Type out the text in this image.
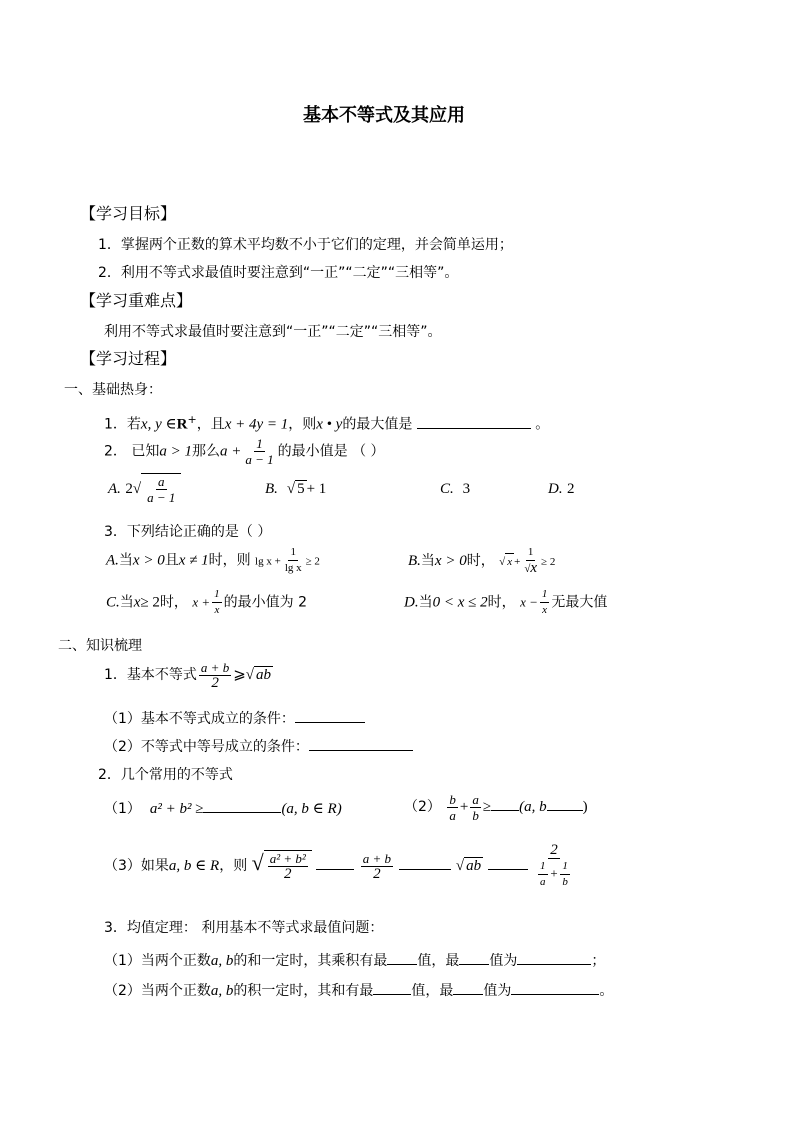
基本不等式及其应用
【学习目标】
1．掌握两个正数的算术平均数不小于它们的定理，并会简单运用；
2．利用不等式求最值时要注意到“一正”“二定”“三相等”。
【学习重难点】
利用不等式求最值时要注意到“一正”“二定”“三相等”。
【学习过程】
一、基础热身：
1．若x, y ∈R+，且x + 4y = 1，则x • y的最大值是	。
2． 已知a > 1那么$a + \frac{1}{a - 1}$ 的最小值是 （ ）
A. $2√ \frac{a}{a - 1}$	B. √ 5 + 1	C. 3	D. 2
3．下列结论正确的是（ ）
A.当x > 0且x ≠ 1时，则 $\lg x + \frac{1}{\text{lg x}} \ge 2$	B.当x > 0时， √ $x + \frac{1}{√x} \ge 2$
C.当x≥ 2时， $x + \frac{1}{x}$ 的最小值为 2	D.当0 < x ≤ 2时， $x - \frac{1}{x}$ 无最大值
二、知识梳理
1．基本不等式 $\frac{a + b}{2}$ ⩾√ ab
（1）基本不等式成立的条件：
（2）不等式中等号成立的条件：
2．几个常用的不等式
（1） a² + b² ≥	(a, b ∈ R)	$(2) \frac{b}{a} + \frac{a}{b} \ge (a$, b )
（3）如果a, b ∈ R，则 √ $\frac{\text{a² + b²}}{2}$
	$\frac{a + b}{2}$	√ ab	$\frac{2}{\frac{1}{a} + \frac{1}{b}}$
3．均值定理： 利用基本不等式求最值问题：
（1）当两个正数a, b的和一定时，其乘积有最 值，最 值为	；
（2）当两个正数a, b的积一定时，其和有最	值，最 值为	。
